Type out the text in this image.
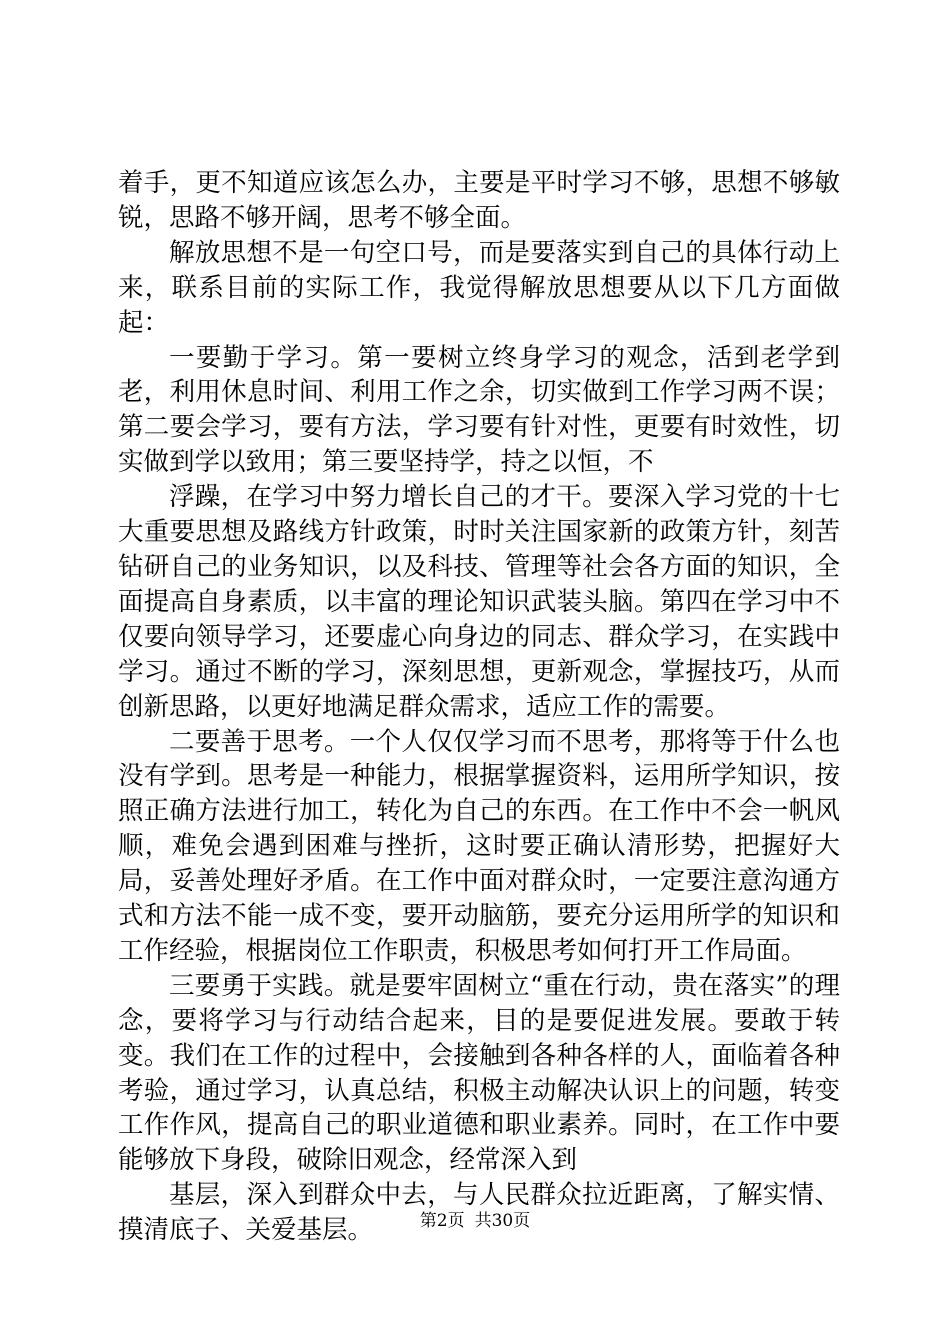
着手，更不知道应该怎么办，主要是平时学习不够，思想不够敏锐，思路不够开阔，思考不够全面。

解放思想不是一句空口号，而是要落实到自己的具体行动上来，联系目前的实际工作，我觉得解放思想要从以下几方面做起：

一要勤于学习。第一要树立终身学习的观念，活到老学到老，利用休息时间、利用工作之余，切实做到工作学习两不误；第二要会学习，要有方法，学习要有针对性，更要有时效性，切实做到学以致用；第三要坚持学，持之以恒，不

浮躁，在学习中努力增长自己的才干。要深入学习党的十七大重要思想及路线方针政策，时时关注国家新的政策方针，刻苦钻研自己的业务知识，以及科技、管理等社会各方面的知识，全面提高自身素质，以丰富的理论知识武装头脑。第四在学习中不仅要向领导学习，还要虚心向身边的同志、群众学习，在实践中学习。通过不断的学习，深刻思想，更新观念，掌握技巧，从而创新思路，以更好地满足群众需求，适应工作的需要。

二要善于思考。一个人仅仅学习而不思考，那将等于什么也没有学到。思考是一种能力，根据掌握资料，运用所学知识，按照正确方法进行加工，转化为自己的东西。在工作中不会一帆风顺，难免会遇到困难与挫折，这时要正确认清形势，把握好大局，妥善处理好矛盾。在工作中面对群众时，一定要注意沟通方式和方法不能一成不变，要开动脑筋，要充分运用所学的知识和工作经验，根据岗位工作职责，积极思考如何打开工作局面。

三要勇于实践。就是要牢固树立“重在行动，贵在落实”的理念，要将学习与行动结合起来，目的是要促进发展。要敢于转变。我们在工作的过程中，会接触到各种各样的人，面临着各种考验，通过学习，认真总结，积极主动解决认识上的问题，转变工作作风，提高自己的职业道德和职业素养。同时，在工作中要能够放下身段，破除旧观念，经常深入到

基层，深入到群众中去，与人民群众拉近距离，了解实情、摸清底子、关爱基层。	第2页 共30页
